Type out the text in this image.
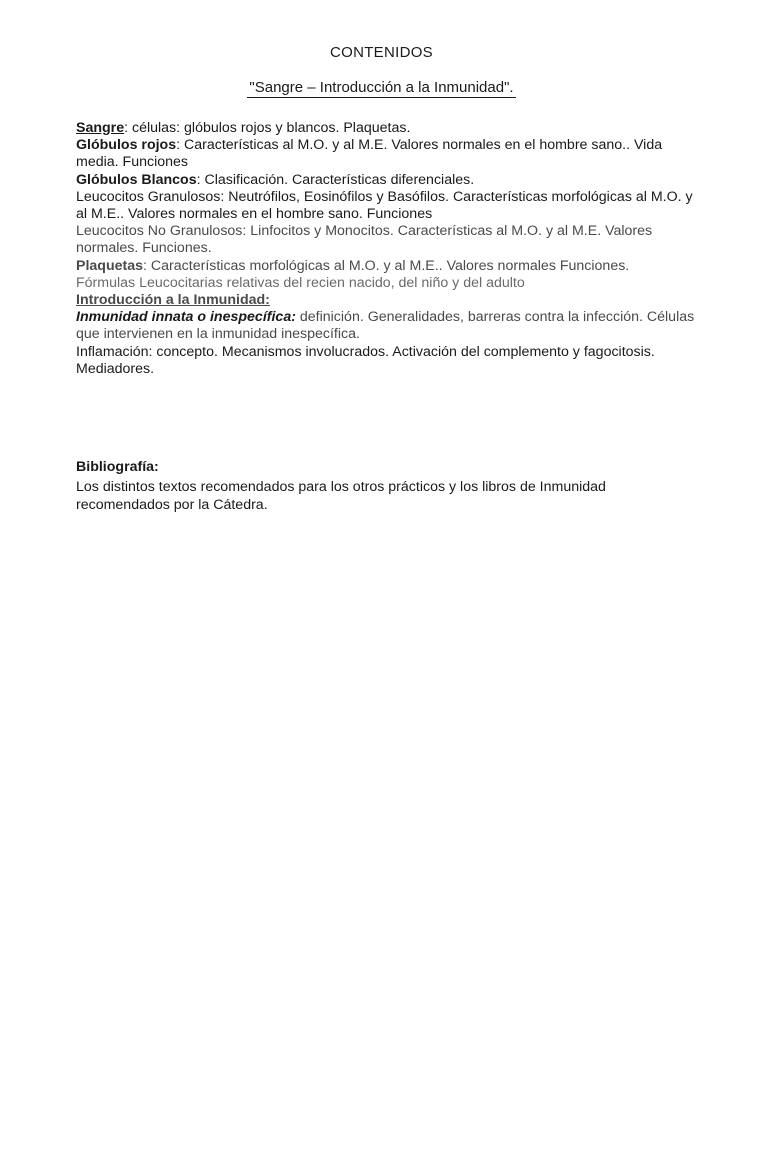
CONTENIDOS
"Sangre – Introducción a la Inmunidad".

Sangre: células: glóbulos rojos y blancos. Plaquetas.

Glóbulos rojos: Características al M.O. y al M.E. Valores normales en el hombre sano.. Vida media. Funciones

Glóbulos Blancos: Clasificación. Características diferenciales.

Leucocitos Granulosos: Neutrófilos, Eosinófilos y Basófilos. Características morfológicas al M.O. y al M.E.. Valores normales en el hombre sano. Funciones

Leucocitos No Granulosos: Linfocitos y Monocitos. Características al M.O. y al M.E. Valores normales. Funciones.

Plaquetas: Características morfológicas al M.O. y al M.E.. Valores normales Funciones.

Fórmulas Leucocitarias relativas del recien nacido, del niño y del adulto

Introducción a la Inmunidad:

Inmunidad innata o inespecífica: definición. Generalidades, barreras contra la infección. Células que intervienen en la inmunidad inespecífica.

Inflamación: concepto. Mecanismos involucrados. Activación del complemento y fagocitosis. Mediadores.

Bibliografía:

Los distintos textos recomendados para los otros prácticos y los libros de Inmunidad recomendados por la Cátedra.
